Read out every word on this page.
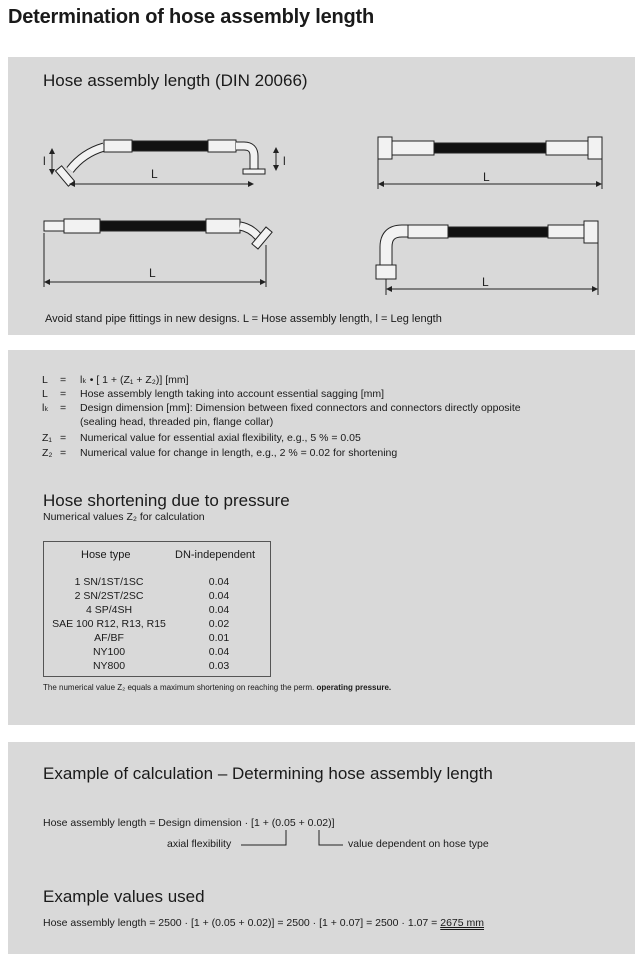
Determination of hose assembly length
Hose assembly length (DIN 20066)
l	l
L	L
L
L
Avoid stand pipe fittings in new designs. L = Hose assembly length, l = Leg length
L	=	lₖ • [ 1 + (Z₁ + Z₂)] [mm]
L	=	Hose assembly length taking into account essential sagging [mm]
lₖ	=	Design dimension [mm]: Dimension between fixed connectors and connectors directly opposite
(sealing head, threaded pin, flange collar)
Z₁ =	Numerical value for essential axial flexibility, e.g., 5 % = 0.05
Z₂ =	Numerical value for change in length, e.g., 2 % = 0.02 for shortening
Hose shortening due to pressure
Numerical values Z₂ for calculation
Hose type	DN-independent
1 SN/1ST/1SC	0.04
2 SN/2ST/2SC	0.04
4 SP/4SH	0.04
SAE 100 R12, R13, R15	0.02
AF/BF	0.01
NY100	0.04
NY800	0.03
The numerical value Z₂ equals a maximum shortening on reaching the perm. operating pressure.
Example of calculation – Determining hose assembly length
Hose assembly length = Design dimension · [1 + (0.05 + 0.02)]
axial flexibility	value dependent on hose type
Example values used
Hose assembly length = 2500 · [1 + (0.05 + 0.02)] = 2500 · [1 + 0.07] = 2500 · 1.07 = 2675 mm
